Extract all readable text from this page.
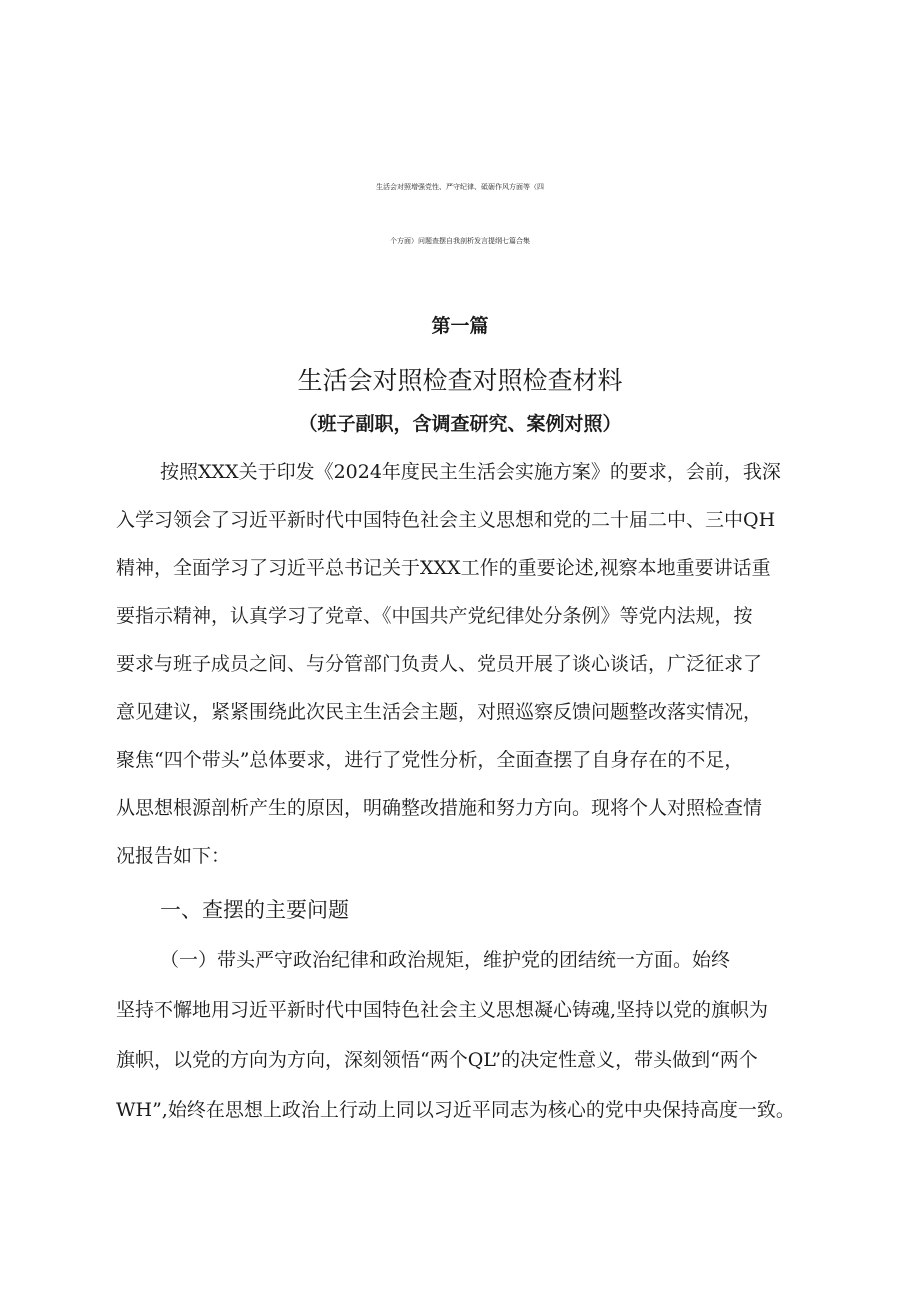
生活会对照增强党性、严守纪律、砥砺作风方面等（四
个方面）问题查摆自我剖析发言提纲七篇合集
第一篇
生活会对照检查对照检查材料
（班子副职，含调查研究、案例对照）
按照XXX关于印发《2024年度民主生活会实施方案》的要求，会前，我深
入学习领会了习近平新时代中国特色社会主义思想和党的二十届二中、三中QH
精神，全面学习了习近平总书记关于XXX工作的重要论述,视察本地重要讲话重
要指示精神，认真学习了党章、《中国共产党纪律处分条例》等党内法规，按
要求与班子成员之间、与分管部门负责人、党员开展了谈心谈话，广泛征求了
意见建议，紧紧围绕此次民主生活会主题，对照巡察反馈问题整改落实情况，
聚焦“四个带头”总体要求，进行了党性分析，全面查摆了自身存在的不足，
从思想根源剖析产生的原因，明确整改措施和努力方向。现将个人对照检查情
况报告如下：
一、查摆的主要问题
（一）带头严守政治纪律和政治规矩，维护党的团结统一方面。始终
坚持不懈地用习近平新时代中国特色社会主义思想凝心铸魂,坚持以党的旗帜为
旗帜，以党的方向为方向，深刻领悟“两个QL”的决定性意义，带头做到“两个
WH”,始终在思想上政治上行动上同以习近平同志为核心的党中央保持高度一致。
